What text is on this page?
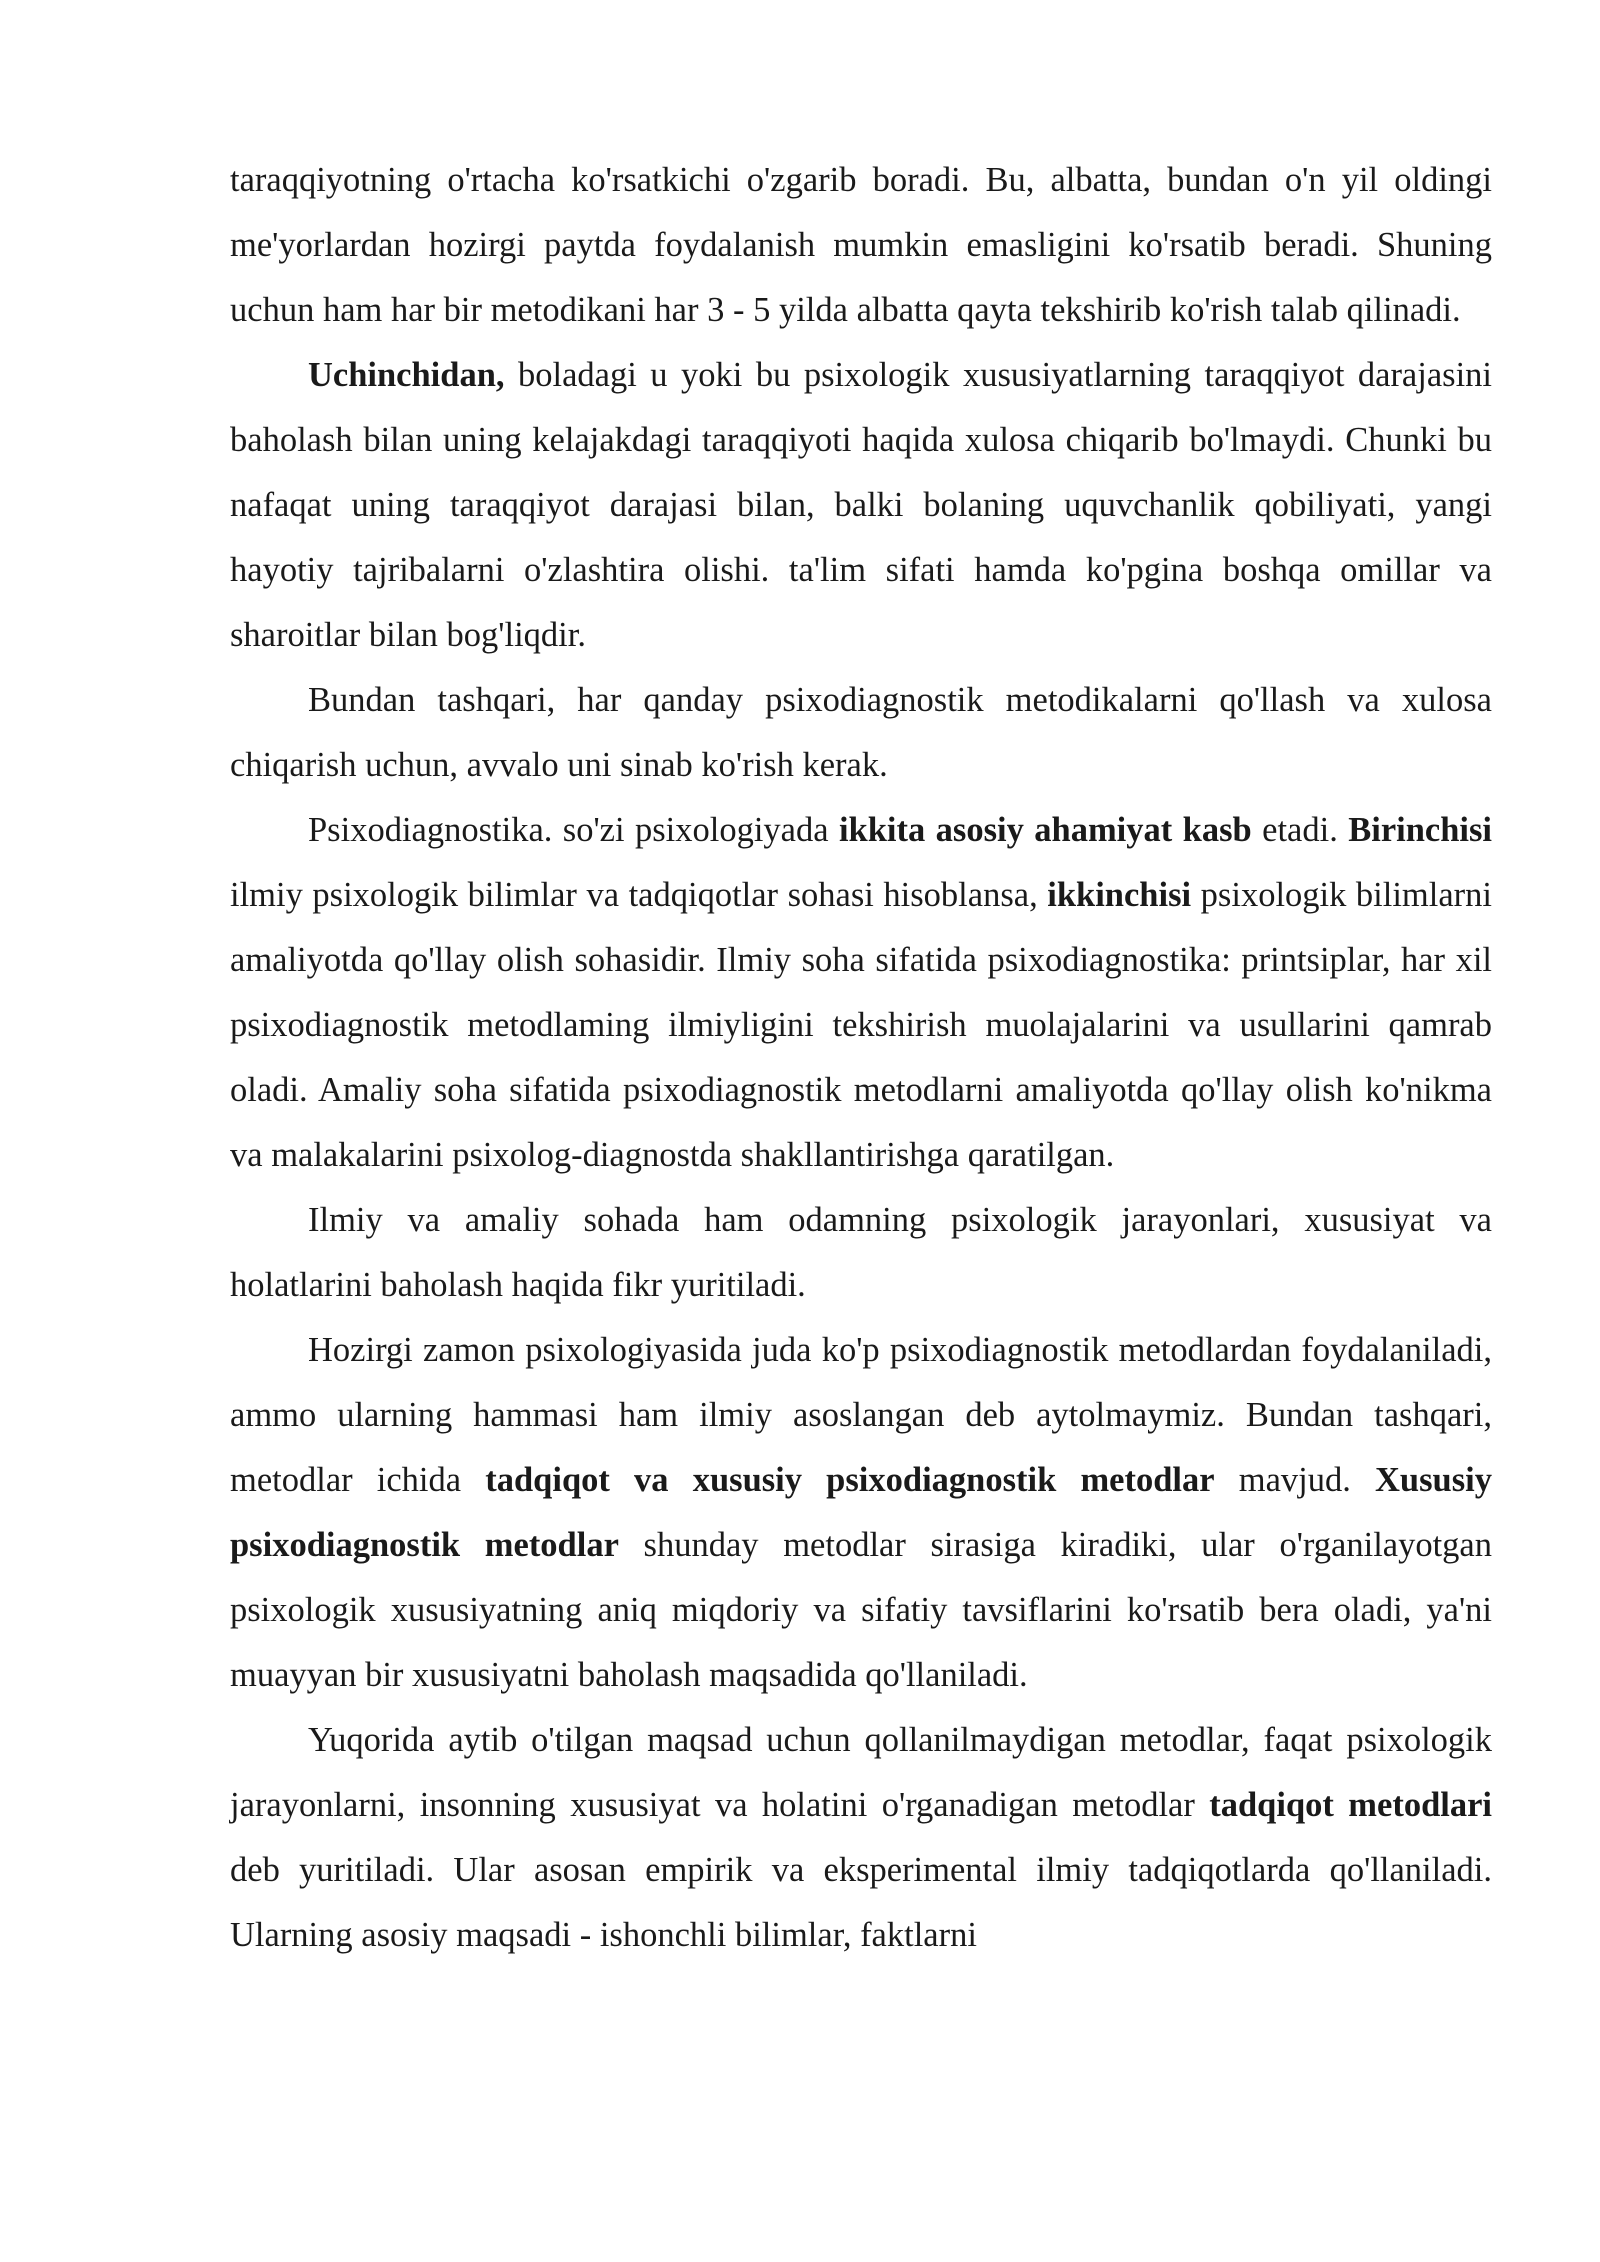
taraqqiyotning o'rtacha ko'rsatkichi o'zgarib boradi. Bu, albatta, bundan o'n yil oldingi me'yorlardan hozirgi paytda foydalanish mumkin emasligini ko'rsatib beradi. Shuning uchun ham har bir metodikani har 3 - 5 yilda albatta qayta tekshirib ko'rish talab qilinadi.

Uchinchidan, boladagi u yoki bu psixologik xususiyatlarning taraqqiyot darajasini baholash bilan uning kelajakdagi taraqqiyoti haqida xulosa chiqarib bo'lmaydi. Chunki bu nafaqat uning taraqqiyot darajasi bilan, balki bolaning uquvchanlik qobiliyati, yangi hayotiy tajribalarni o'zlashtira olishi. ta'lim sifati hamda ko'pgina boshqa omillar va sharoitlar bilan bog'liqdir.

Bundan tashqari, har qanday psixodiagnostik metodikalarni qo'llash va xulosa chiqarish uchun, avvalo uni sinab ko'rish kerak.

Psixodiagnostika. so'zi psixologiyada ikkita asosiy ahamiyat kasb etadi. Birinchisi ilmiy psixologik bilimlar va tadqiqotlar sohasi hisoblansa, ikkinchisi psixologik bilimlarni amaliyotda qo'llay olish sohasidir. Ilmiy soha sifatida psixodiagnostika: printsiplar, har xil psixodiagnostik metodlaming ilmiyligini tekshirish muolajalarini va usullarini qamrab oladi. Amaliy soha sifatida psixodiagnostik metodlarni amaliyotda qo'llay olish ko'nikma va malakalarini psixolog-diagnostda shakllantirishga qaratilgan.

Ilmiy va amaliy sohada ham odamning psixologik jarayonlari, xususiyat va holatlarini baholash haqida fikr yuritiladi.

Hozirgi zamon psixologiyasida juda ko'p psixodiagnostik metodlardan foydalaniladi, ammo ularning hammasi ham ilmiy asoslangan deb aytolmaymiz. Bundan tashqari, metodlar ichida tadqiqot va xususiy psixodiagnostik metodlar mavjud. Xususiy psixodiagnostik metodlar shunday metodlar sirasiga kiradiki, ular o'rganilayotgan psixologik xususiyatning aniq miqdoriy va sifatiy tavsiflarini ko'rsatib bera oladi, ya'ni muayyan bir xususiyatni baholash maqsadida qo'llaniladi.

Yuqorida aytib o'tilgan maqsad uchun qollanilmaydigan metodlar, faqat psixologik jarayonlarni, insonning xususiyat va holatini o'rganadigan metodlar tadqiqot metodlari deb yuritiladi. Ular asosan empirik va eksperimental ilmiy tadqiqotlarda qo'llaniladi. Ularning asosiy maqsadi - ishonchli bilimlar, faktlarni
